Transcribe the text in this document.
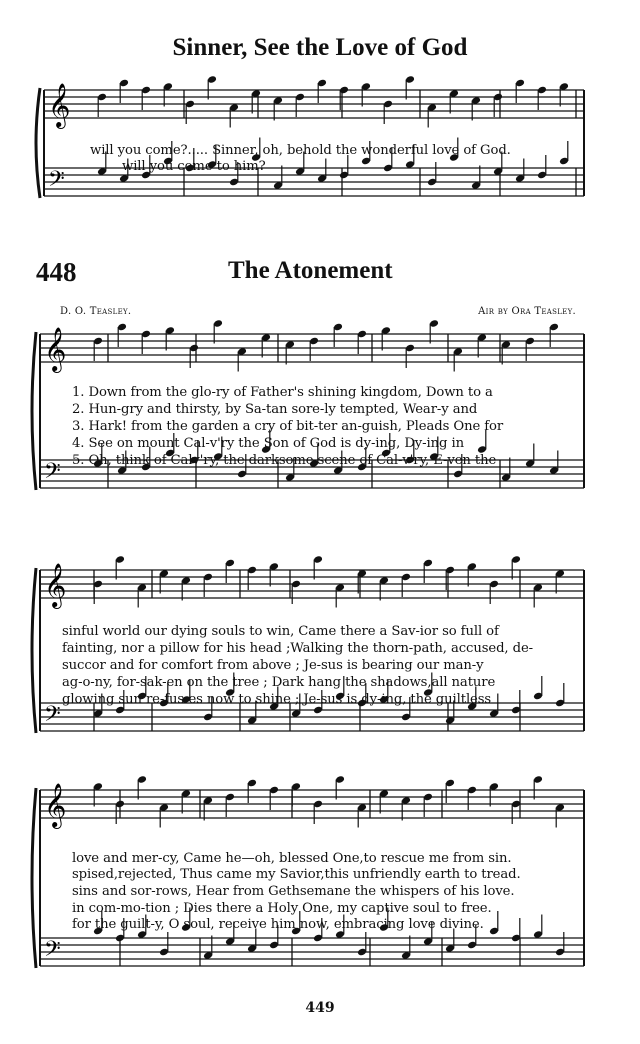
Sinner, See the Love of God
448	The Atonement
D. O. Teasley.	Air by Ora Teasley.
𝄞
𝄢
𝄞
𝄢
𝄞
𝄢
𝄞
𝄢
will you come?..... Sinner, oh, behold the wonderful love of God.
will you come to him?
1. Down from the glo-ry of Father's shining kingdom, Down to a
2. Hun-gry and thirsty, by Sa-tan sore-ly tempted, Wear-y and
3. Hark! from the garden a cry of bit-ter an-guish, Pleads One for
4. See on mount Cal-v'ry the Son of God is dy-ing, Dy-ing in
5. Oh, think of Calv'ry, the darksome scene of Cal-v'ry, E-ven the
sinful world our dying souls to win, Came there a Sav-ior so full of
fainting, nor a pillow for his head ;Walking the thorn-path, accused, de-
succor and for comfort from above ; Je-sus is bearing our man-y
ag-o-ny, for-sak-en on the tree ; Dark hang the shadows,all nature
glowing sun re-fus-es now to shine ; Je-sus is dy-ing, the guiltless
love and mer-cy, Came he—oh, blessed One,to rescue me from sin.
spised,rejected, Thus came my Savior,this unfriendly earth to tread.
sins and sor-rows, Hear from Gethsemane the whispers of his love.
in com-mo-tion ; Dies there a Holy One, my captive soul to free.
for the guilt-y, O soul, receive him now, embracing love divine.
449
